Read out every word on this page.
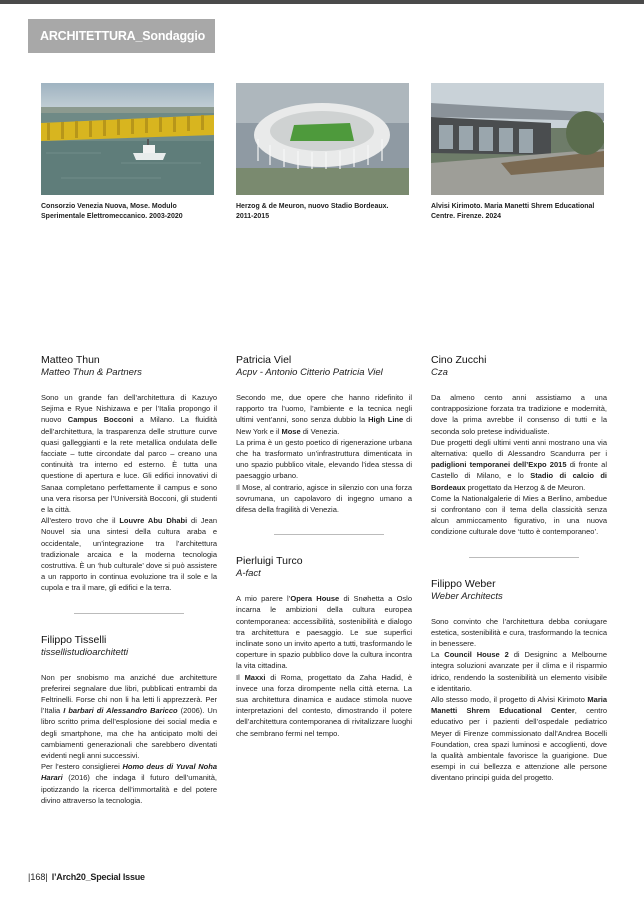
ARCHITETTURA_Sondaggio
Consorzio Venezia Nuova, Mose. Modulo Sperimentale Elettromeccanico. 2003-2020
Herzog & de Meuron, nuovo Stadio Bordeaux. 2011-2015
Alvisi Kirimoto. Maria Manetti Shrem Educational Centre. Firenze. 2024
Matteo Thun
Matteo Thun & Partners

Sono un grande fan dell’architettura di Kazuyo Sejima e Ryue Nishizawa e per l’Italia propongo il nuovo Campus Bocconi a Milano. La fluidità dell’architettura, la trasparenza delle strutture curve quasi galleggianti e la rete metallica ondulata delle facciate – tutte circondate dal parco – creano una continuità tra interno ed esterno. È tutta una questione di apertura e luce. Gli edifici innovativi di Sanaa completano perfettamente il campus e sono una vera risorsa per l’Università Bocconi, gli studenti e la città.

All’estero trovo che il Louvre Abu Dhabi di Jean Nouvel sia una sintesi della cultura araba e occidentale, un’integrazione tra l’architettura tradizionale arcaica e la moderna tecnologia costruttiva. È un ‘hub culturale’ dove si può assistere a un rapporto in continua evoluzione tra il sole e la cupola e tra il mare, gli edifici e la terra.

Filippo Tisselli
tissellistudioarchitetti

Non per snobismo ma anziché due architetture preferirei segnalare due libri, pubblicati entrambi da Feltrinelli. Forse chi non li ha letti li apprezzerà. Per l’Italia I barbari di Alessandro Baricco (2006). Un libro scritto prima dell’esplosione dei social media e degli smartphone, ma che ha anticipato molti dei cambiamenti generazionali che sarebbero diventati evidenti negli anni successivi.

Per l’estero consiglierei Homo deus di Yuval Noha Harari (2016) che indaga il futuro dell’umanità, ipotizzando la ricerca dell’immortalità e del potere divino attraverso la tecnologia.

Patricia Viel
Acpv - Antonio Citterio Patricia Viel

Secondo me, due opere che hanno ridefinito il rapporto tra l’uomo, l’ambiente e la tecnica negli ultimi vent’anni, sono senza dubbio la High Line di New York e il Mose di Venezia.

La prima è un gesto poetico di rigenerazione urbana che ha trasformato un’infrastruttura dimenticata in uno spazio pubblico vitale, elevando l’idea stessa di paesaggio urbano.

Il Mose, al contrario, agisce in silenzio con una forza sovrumana, un capolavoro di ingegno umano a difesa della fragilità di Venezia.

Pierluigi Turco
A-fact

A mio parere l’Opera House di Snøhetta a Oslo incarna le ambizioni della cultura europea contemporanea: accessibilità, sostenibilità e dialogo tra architettura e paesaggio. Le sue superfici inclinate sono un invito aperto a tutti, trasformando le coperture in spazio pubblico dove la cultura incontra la vita cittadina.

Il Maxxi di Roma, progettato da Zaha Hadid, è invece una forza dirompente nella città eterna. La sua architettura dinamica e audace stimola nuove interpretazioni del contesto, dimostrando il potere dell’architettura contemporanea di rivitalizzare luoghi che sembrano fermi nel tempo.

Cino Zucchi
Cza

Da almeno cento anni assistiamo a una contrapposizione forzata tra tradizione e modernità, dove la prima avrebbe il consenso di tutti e la seconda solo pretese individualiste.

Due progetti degli ultimi venti anni mostrano una via alternativa: quello di Alessandro Scandurra per i padiglioni temporanei dell’Expo 2015 di fronte al Castello di Milano, e lo Stadio di calcio di Bordeaux progettato da Herzog & de Meuron.

Come la Nationalgalerie di Mies a Berlino, ambedue si confrontano con il tema della classicità senza alcun ammiccamento figurativo, in una nuova condizione culturale dove ‘tutto è contemporaneo’.

Filippo Weber
Weber Architects

Sono convinto che l’architettura debba coniugare estetica, sostenibilità e cura, trasformando la tecnica in benessere.

La Council House 2 di Designinc a Melbourne integra soluzioni avanzate per il clima e il risparmio idrico, rendendo la sostenibilità un elemento visibile e identitario.

Allo stesso modo, il progetto di Alvisi Kirimoto Maria Manetti Shrem Educational Center, centro educativo per i pazienti dell’ospedale pediatrico Meyer di Firenze commissionato dall’Andrea Bocelli Foundation, crea spazi luminosi e accoglienti, dove la qualità ambientale favorisce la guarigione. Due esempi in cui bellezza e attenzione alle persone diventano principi guida del progetto.

|168| l’Arch20_Special Issue
